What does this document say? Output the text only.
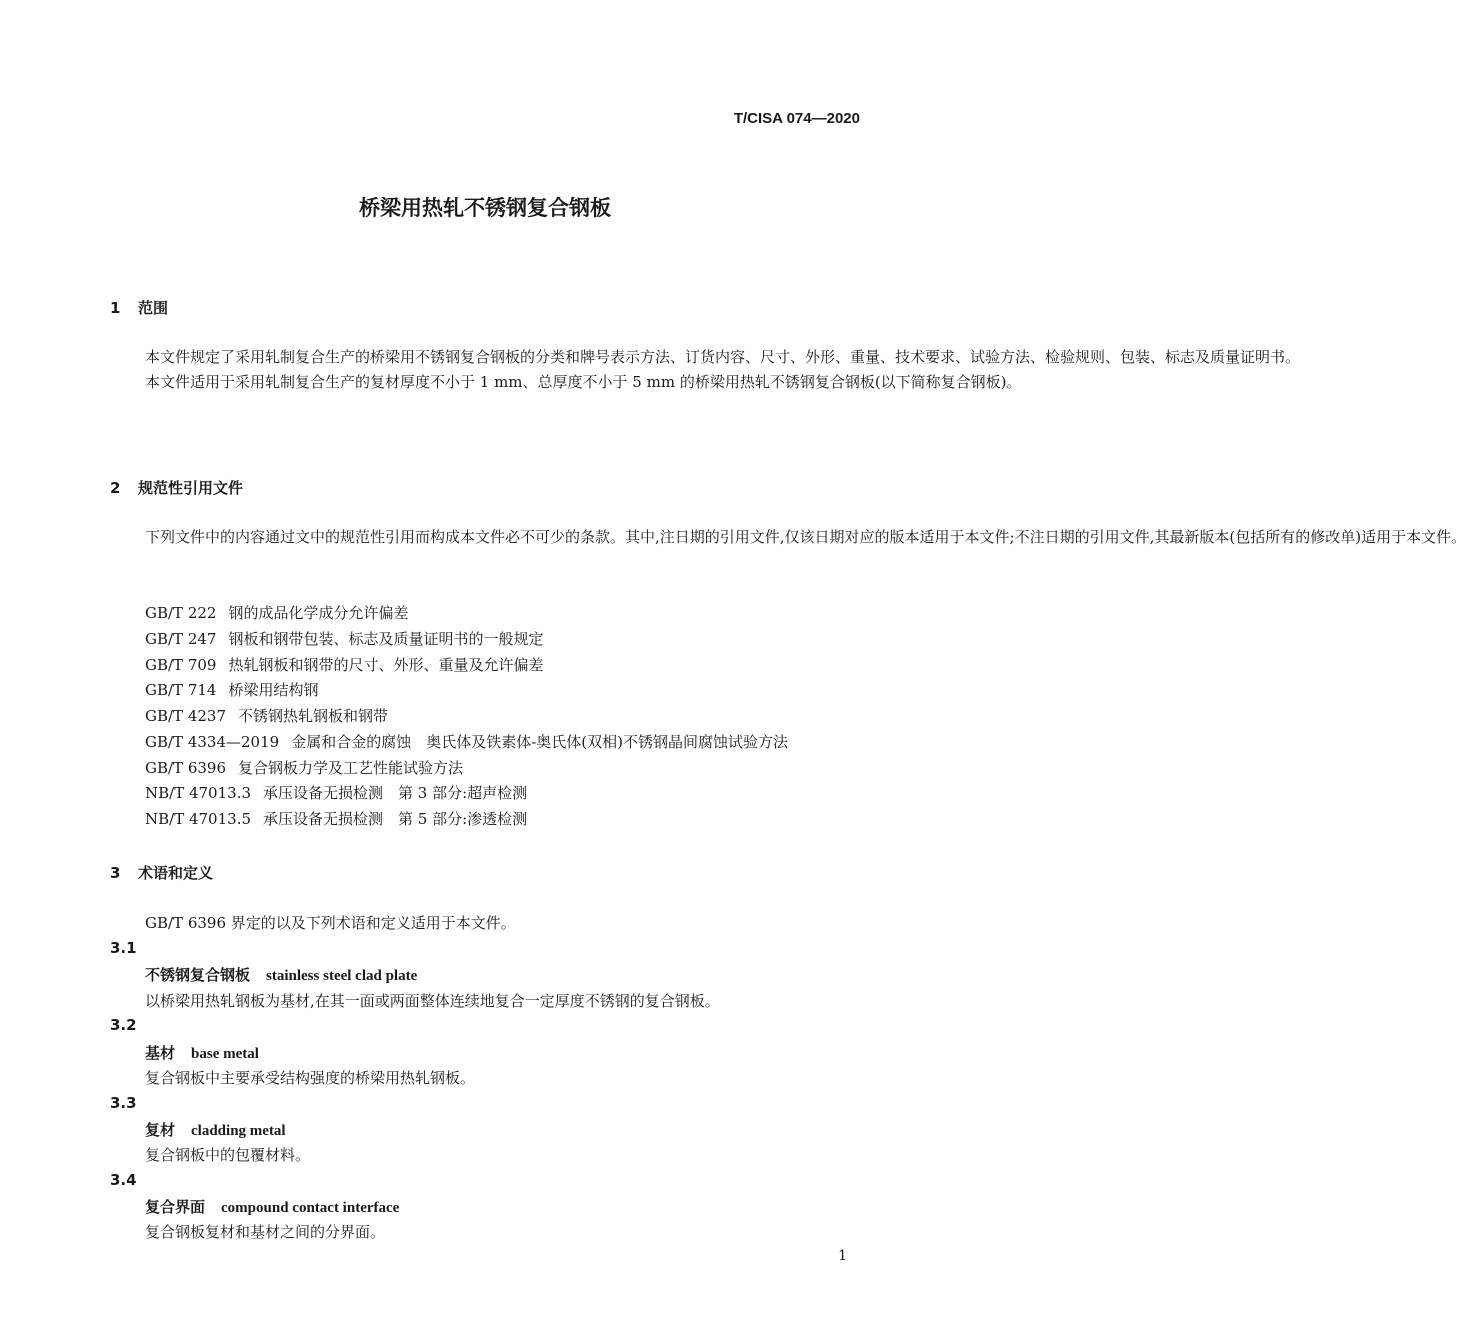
T/CISA 074—2020
桥梁用热轧不锈钢复合钢板
1 范围

本文件规定了采用轧制复合生产的桥梁用不锈钢复合钢板的分类和牌号表示方法、订货内容、尺寸、外形、重量、技术要求、试验方法、检验规则、包装、标志及质量证明书。

本文件适用于采用轧制复合生产的复材厚度不小于 1 mm、总厚度不小于 5 mm 的桥梁用热轧不锈钢复合钢板(以下简称复合钢板)。

2 规范性引用文件

下列文件中的内容通过文中的规范性引用而构成本文件必不可少的条款。其中,注日期的引用文件,仅该日期对应的版本适用于本文件;不注日期的引用文件,其最新版本(包括所有的修改单)适用于本文件。

GB/T 222 钢的成品化学成分允许偏差
GB/T 247 钢板和钢带包装、标志及质量证明书的一般规定
GB/T 709 热轧钢板和钢带的尺寸、外形、重量及允许偏差
GB/T 714 桥梁用结构钢
GB/T 4237 不锈钢热轧钢板和钢带
GB/T 4334—2019 金属和合金的腐蚀　奥氏体及铁素体-奥氏体(双相)不锈钢晶间腐蚀试验方法
GB/T 6396 复合钢板力学及工艺性能试验方法
NB/T 47013.3 承压设备无损检测　第 3 部分:超声检测
NB/T 47013.5 承压设备无损检测　第 5 部分:渗透检测
3 术语和定义
GB/T 6396 界定的以及下列术语和定义适用于本文件。
3.1
不锈钢复合钢板 stainless steel clad plate
以桥梁用热轧钢板为基材,在其一面或两面整体连续地复合一定厚度不锈钢的复合钢板。
3.2
基材 base metal
复合钢板中主要承受结构强度的桥梁用热轧钢板。
3.3
复材 cladding metal
复合钢板中的包覆材料。
3.4
复合界面 compound contact interface
复合钢板复材和基材之间的分界面。
1
